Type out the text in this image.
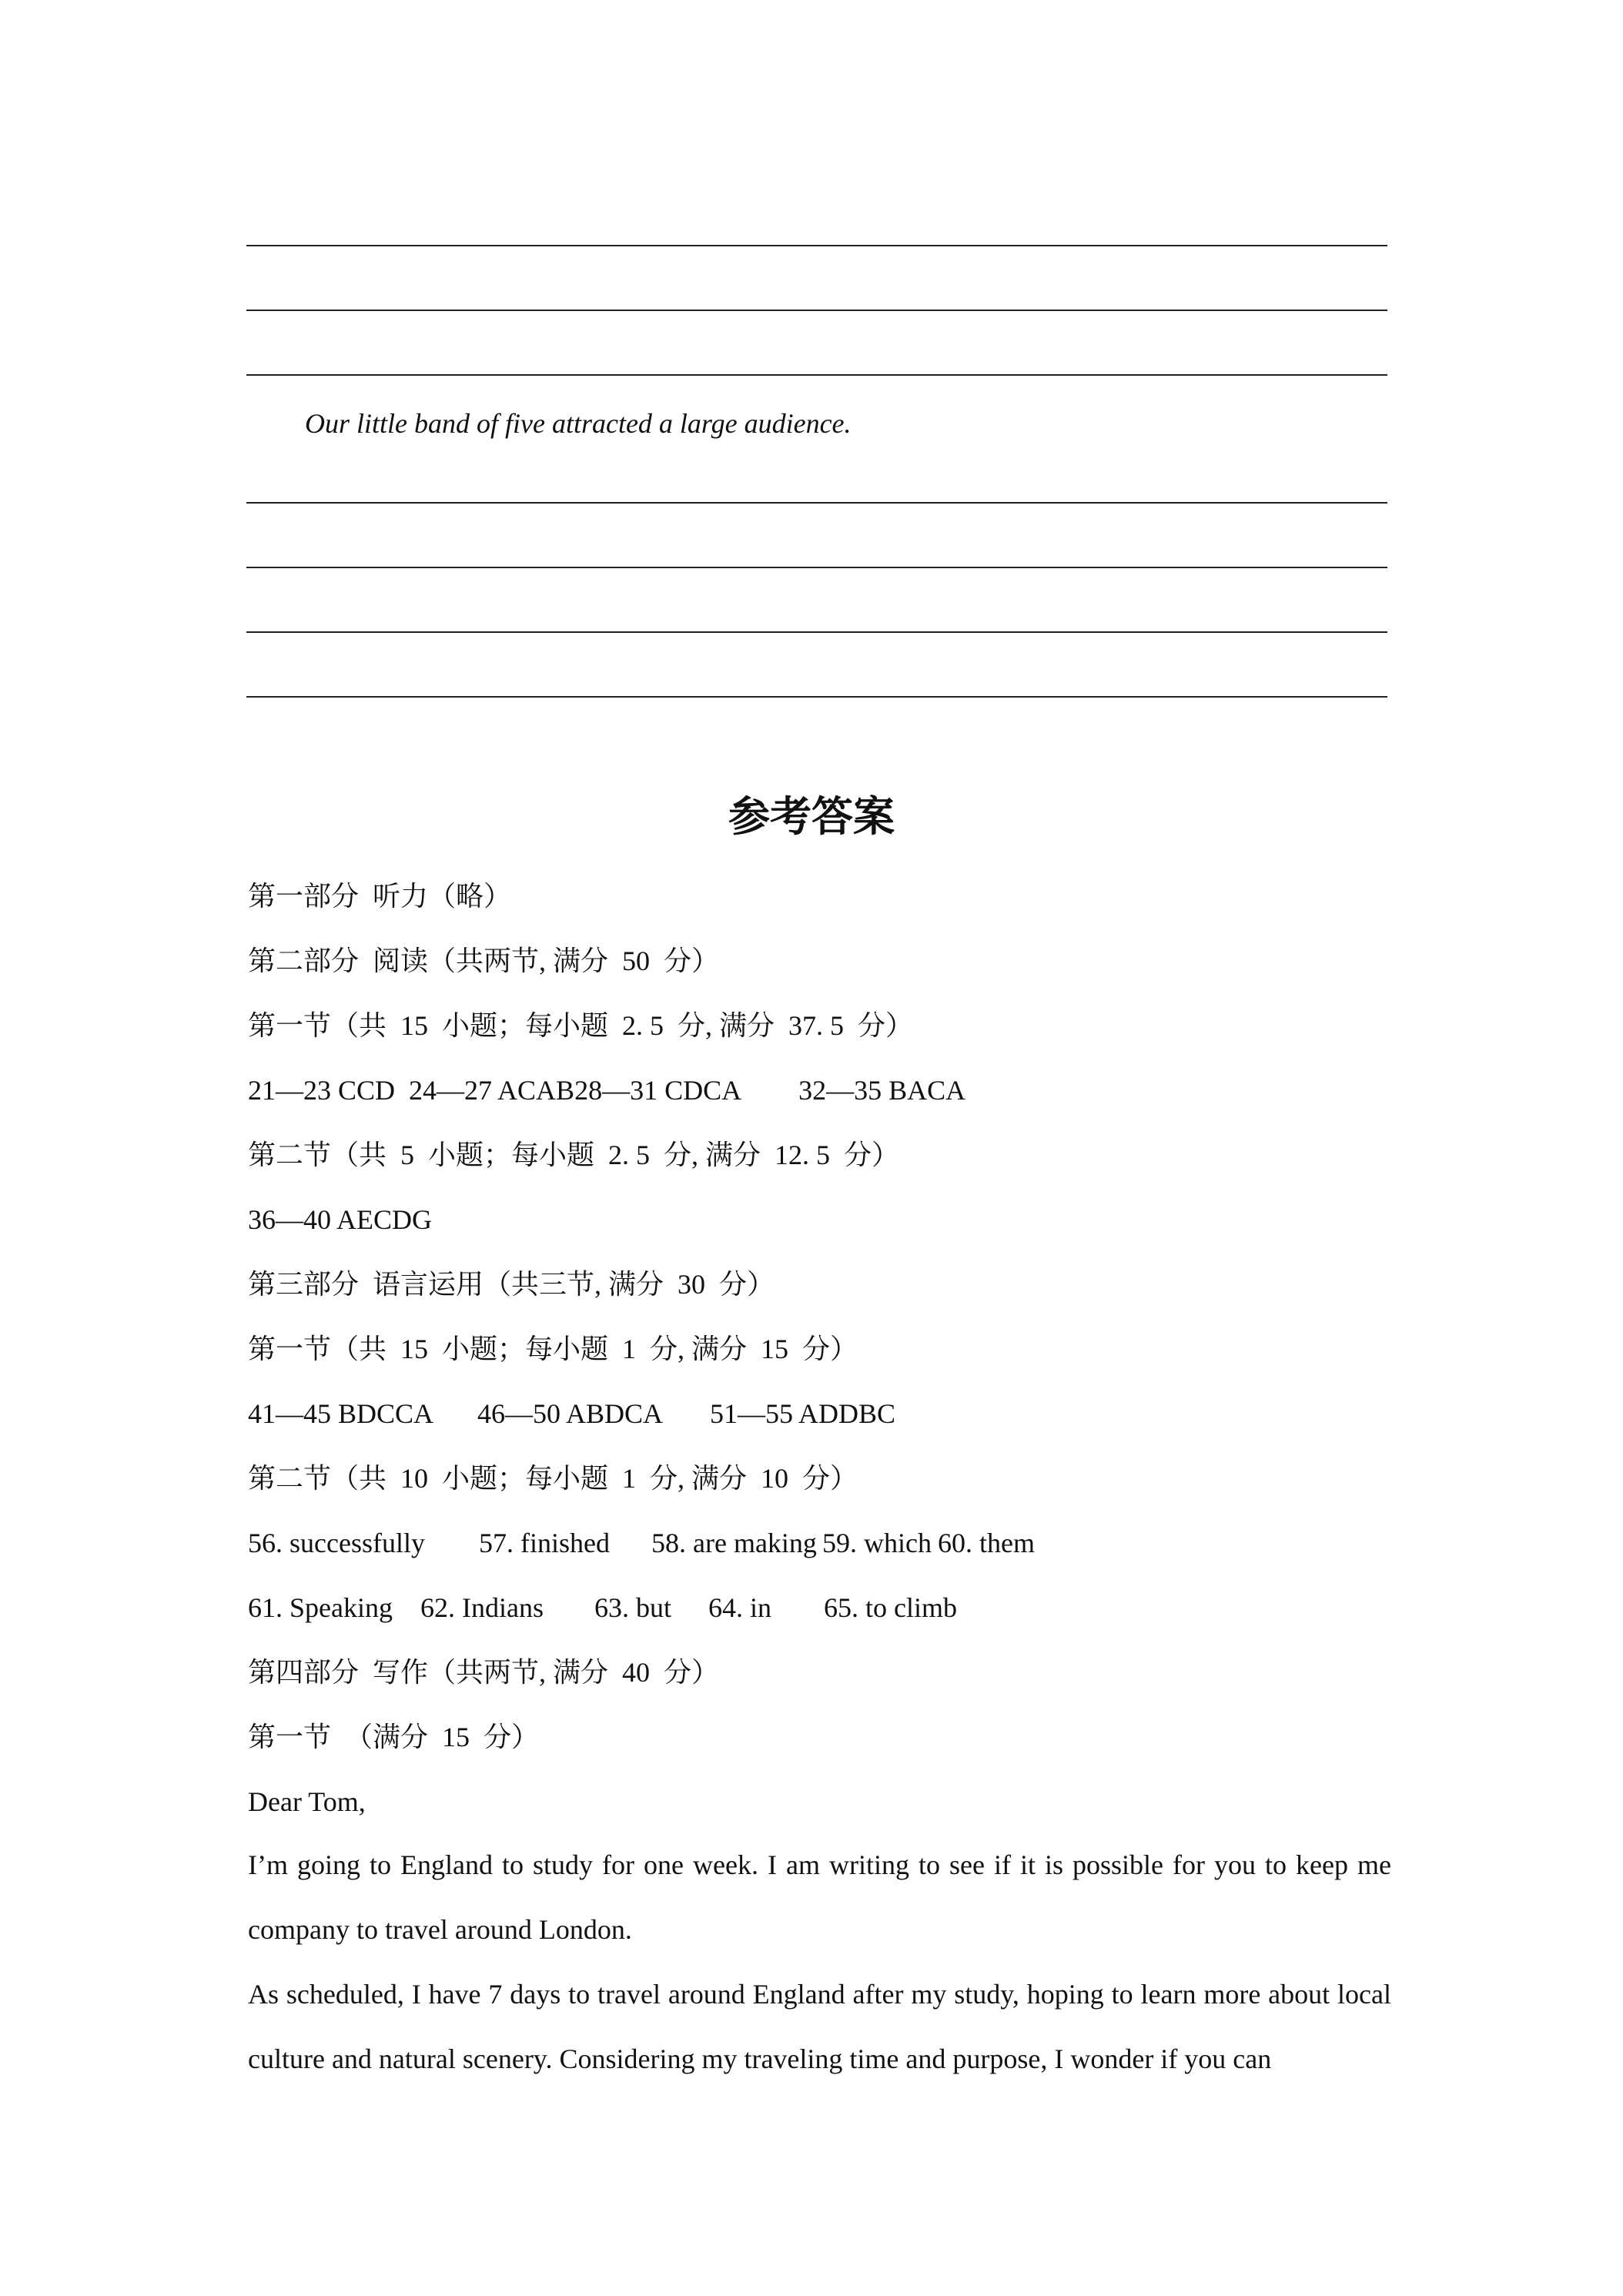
Our little band of five attracted a large audience.
参考答案
第一部分  听力（略）
第二部分  阅读（共两节, 满分  50  分）
第一节（共  15  小题；每小题  2. 5  分, 满分  37. 5  分）
21—23 CCD 24—27 ACAB28—31 CDCA 32—35 BACA
第二节（共  5  小题；每小题  2. 5  分, 满分  12. 5  分）
36—40 AECDG
第三部分  语言运用（共三节, 满分  30  分）
第一节（共  15  小题；每小题  1  分, 满分  15  分）
41—45 BDCCA 46—50 ABDCA 51—55 ADDBC
第二节（共  10  小题；每小题  1  分, 满分  10  分）
56. successfully 57. finished 58. are making 59. which 60. them
61. Speaking 62. Indians 63. but 64. in 65. to climb
第四部分  写作（共两节, 满分  40  分）
第一节  （满分  15  分）
Dear Tom,
I’m going to England to study for one week. I am writing to see if it is possible for you to keep me company to travel around London.
As scheduled, I have 7 days to travel around England after my study, hoping to learn more about local culture and natural scenery. Considering my traveling time and purpose, I wonder if you can
